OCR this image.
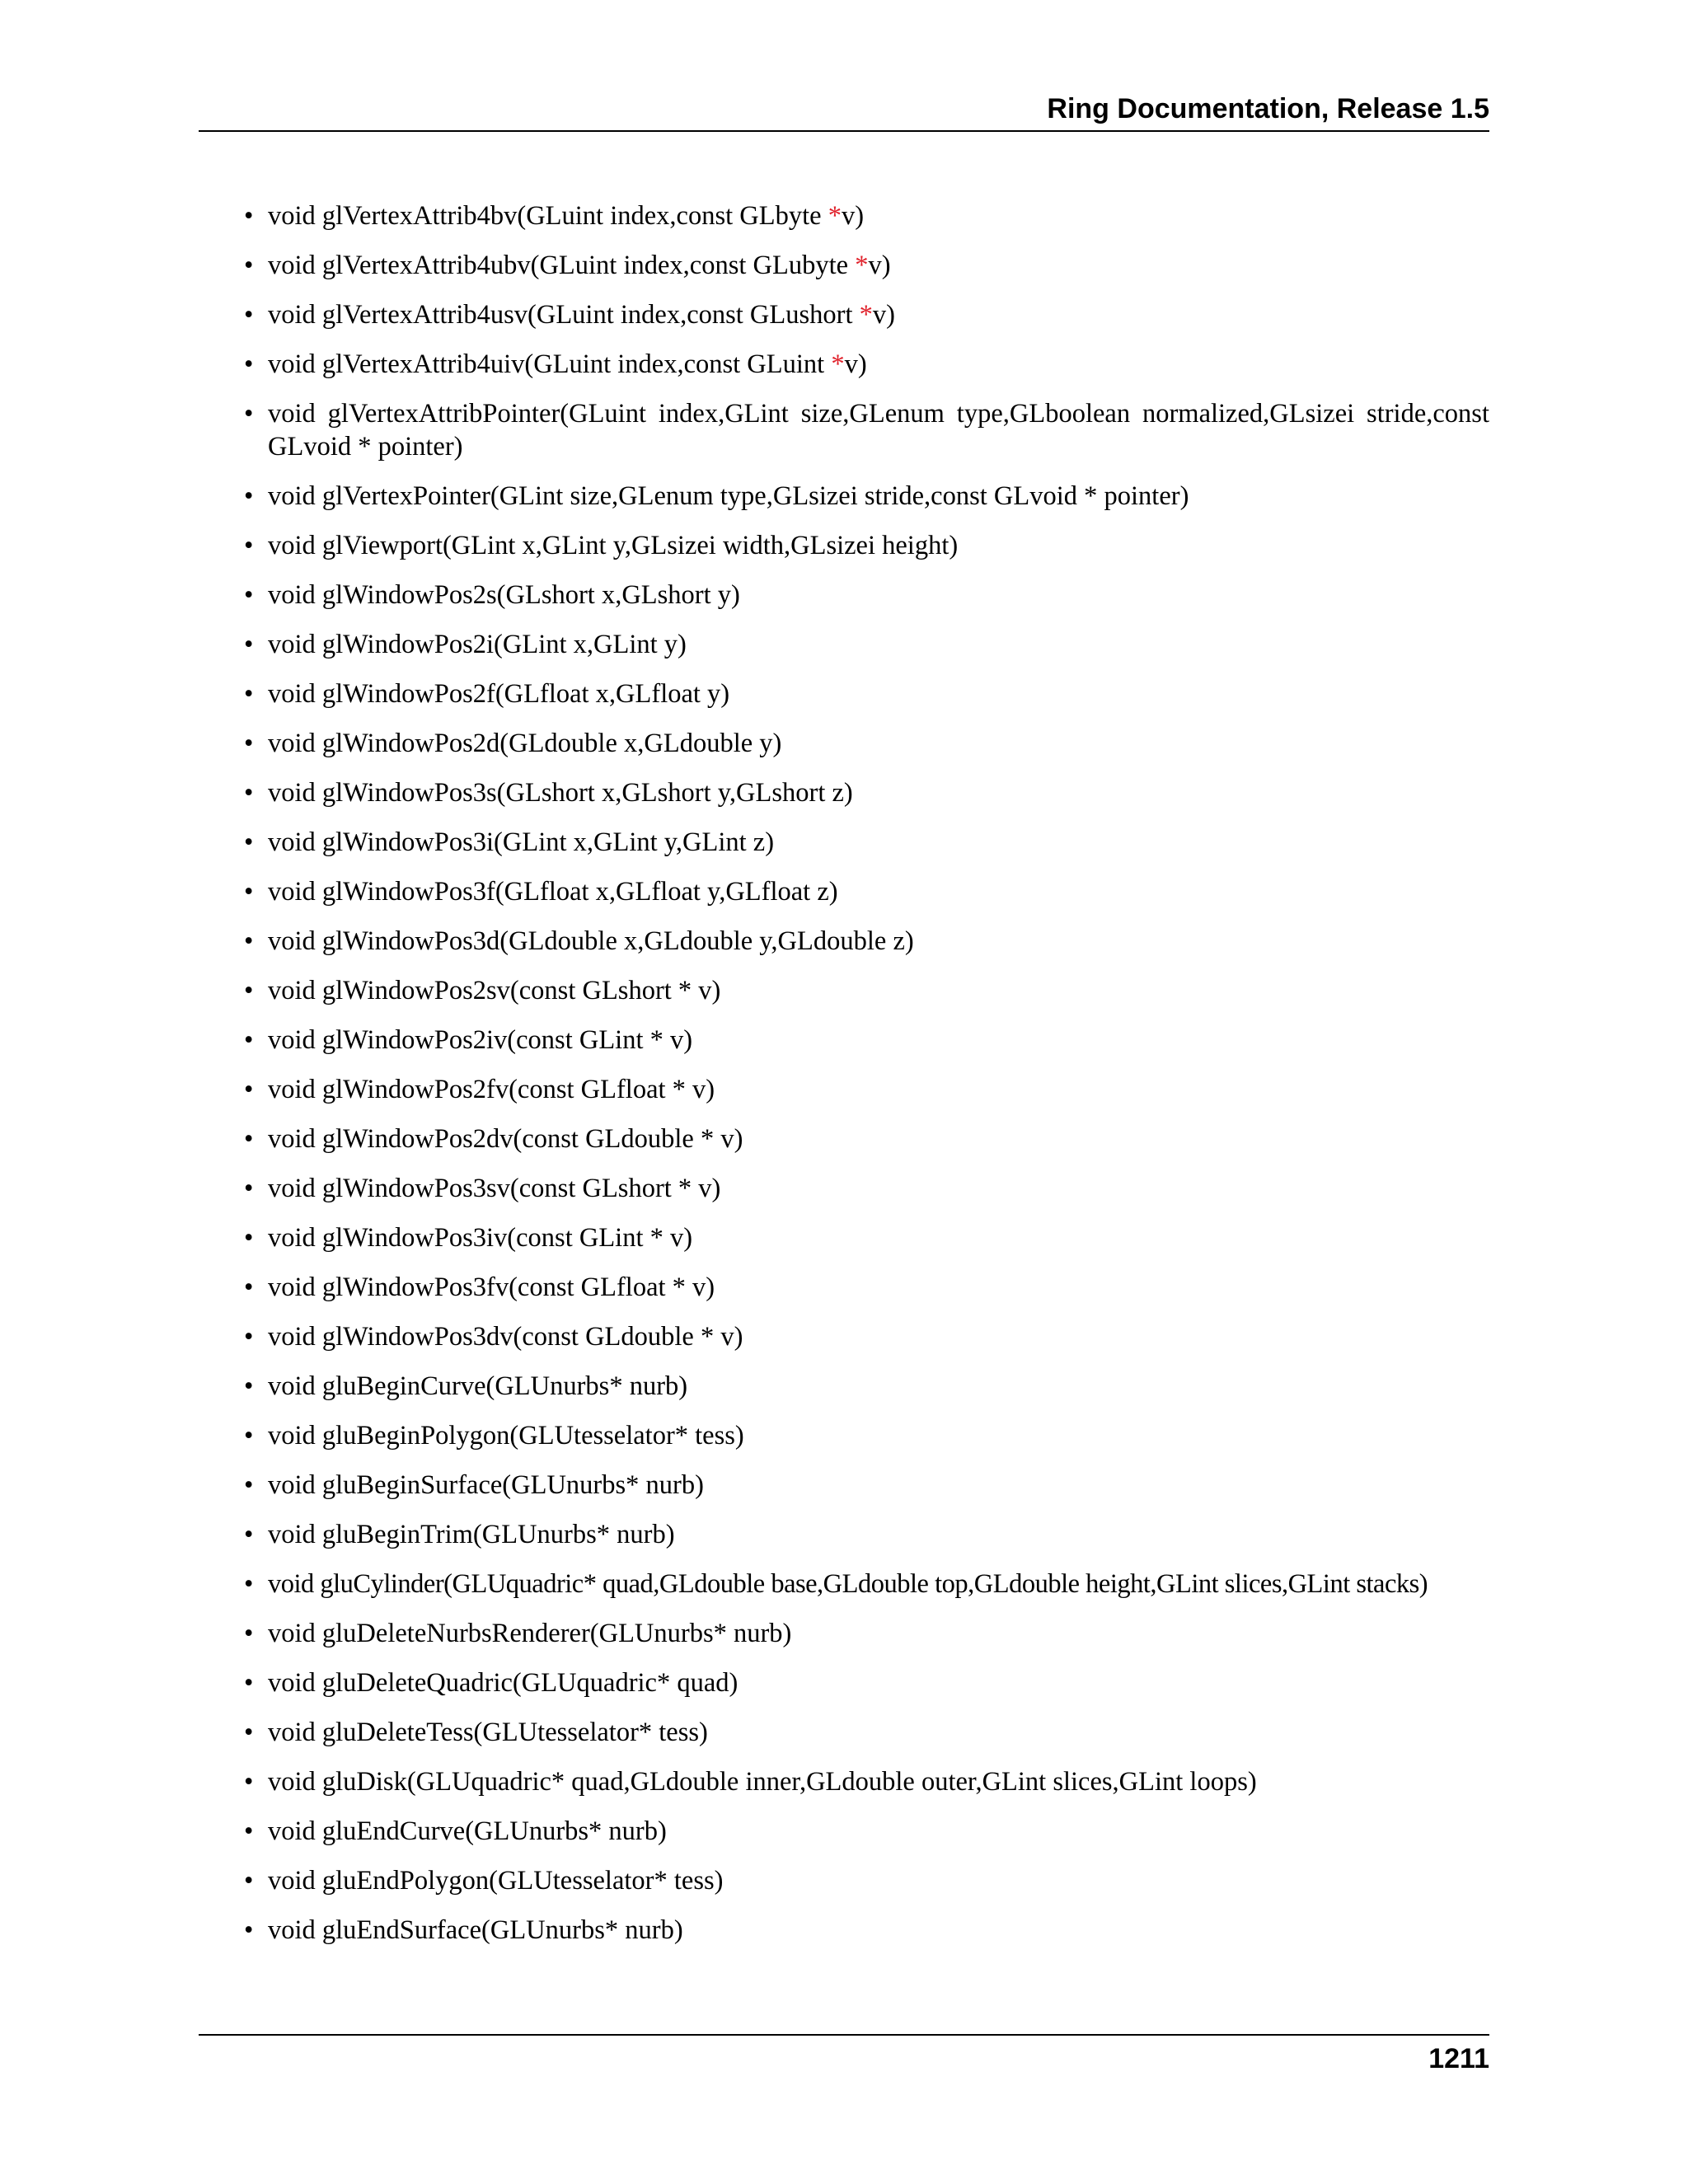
Ring Documentation, Release 1.5
• void glVertexAttrib4bv(GLuint index,const GLbyte *v)
• void glVertexAttrib4ubv(GLuint index,const GLubyte *v)
• void glVertexAttrib4usv(GLuint index,const GLushort *v)
• void glVertexAttrib4uiv(GLuint index,const GLuint *v)
• void glVertexAttribPointer(GLuint index,GLint size,GLenum type,GLboolean normalized,GLsizei stride,const GLvoid * pointer)
• void glVertexPointer(GLint size,GLenum type,GLsizei stride,const GLvoid * pointer)
• void glViewport(GLint x,GLint y,GLsizei width,GLsizei height)
• void glWindowPos2s(GLshort x,GLshort y)
• void glWindowPos2i(GLint x,GLint y)
• void glWindowPos2f(GLfloat x,GLfloat y)
• void glWindowPos2d(GLdouble x,GLdouble y)
• void glWindowPos3s(GLshort x,GLshort y,GLshort z)
• void glWindowPos3i(GLint x,GLint y,GLint z)
• void glWindowPos3f(GLfloat x,GLfloat y,GLfloat z)
• void glWindowPos3d(GLdouble x,GLdouble y,GLdouble z)
• void glWindowPos2sv(const GLshort * v)
• void glWindowPos2iv(const GLint * v)
• void glWindowPos2fv(const GLfloat * v)
• void glWindowPos2dv(const GLdouble * v)
• void glWindowPos3sv(const GLshort * v)
• void glWindowPos3iv(const GLint * v)
• void glWindowPos3fv(const GLfloat * v)
• void glWindowPos3dv(const GLdouble * v)
• void gluBeginCurve(GLUnurbs* nurb)
• void gluBeginPolygon(GLUtesselator* tess)
• void gluBeginSurface(GLUnurbs* nurb)
• void gluBeginTrim(GLUnurbs* nurb)
• void gluCylinder(GLUquadric* quad,GLdouble base,GLdouble top,GLdouble height,GLint slices,GLint stacks)
• void gluDeleteNurbsRenderer(GLUnurbs* nurb)
• void gluDeleteQuadric(GLUquadric* quad)
• void gluDeleteTess(GLUtesselator* tess)
• void gluDisk(GLUquadric* quad,GLdouble inner,GLdouble outer,GLint slices,GLint loops)
• void gluEndCurve(GLUnurbs* nurb)
• void gluEndPolygon(GLUtesselator* tess)
• void gluEndSurface(GLUnurbs* nurb)
1211
